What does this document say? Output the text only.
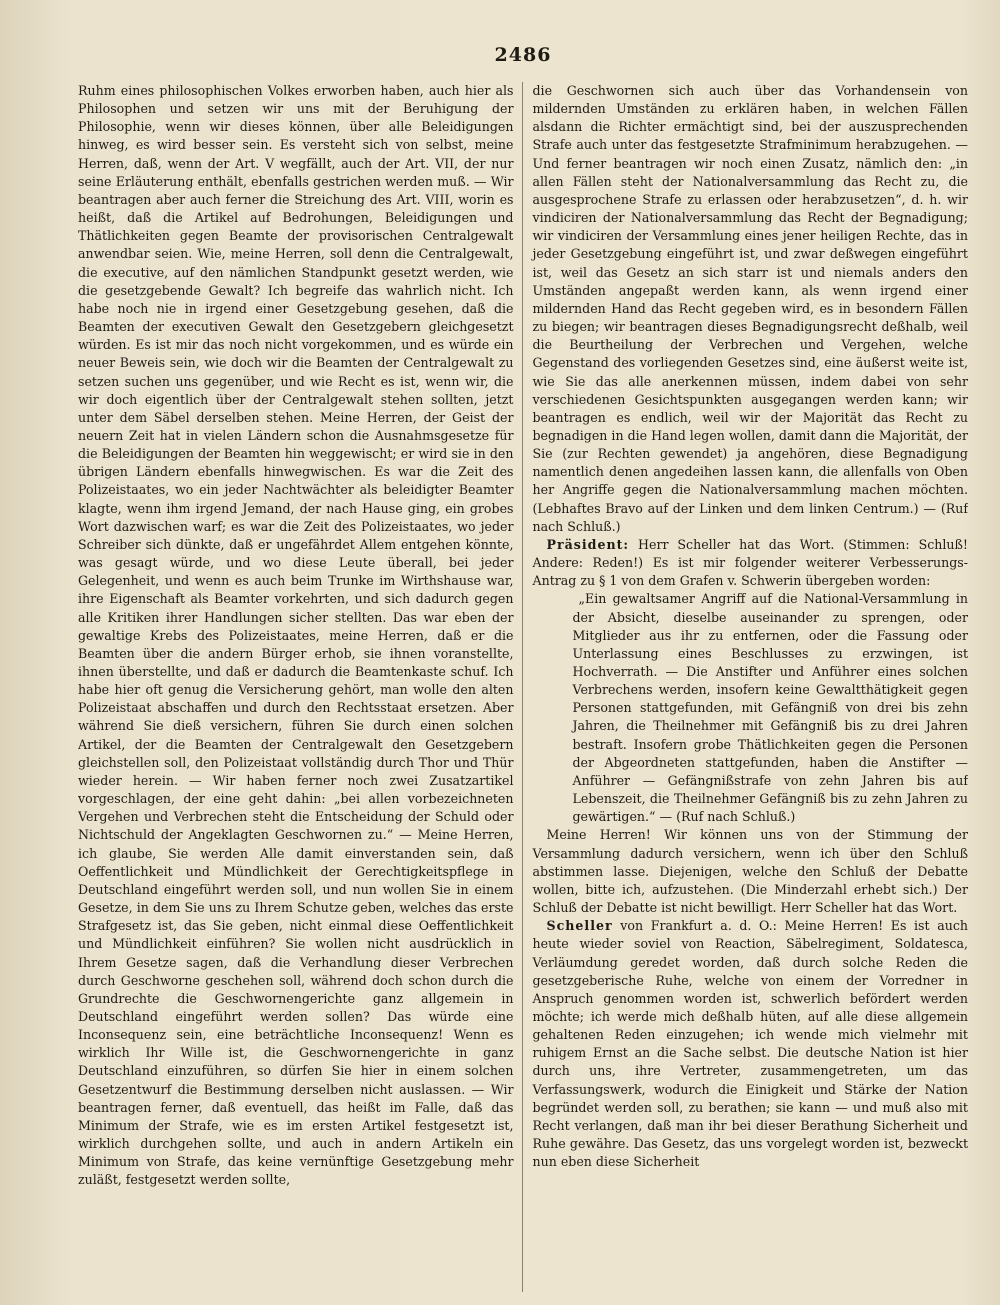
2486

Ruhm eines philosophischen Volkes erworben haben, auch hier als Philosophen und setzen wir uns mit der Beruhigung der Philosophie, wenn wir dieses können, über alle Beleidigungen hinweg, es wird besser sein. Es versteht sich von selbst, meine Herren, daß, wenn der Art. V wegfällt, auch der Art. VII, der nur seine Erläuterung enthält, ebenfalls gestrichen werden muß. — Wir beantragen aber auch ferner die Streichung des Art. VIII, worin es heißt, daß die Artikel auf Bedrohungen, Beleidigungen und Thätlichkeiten gegen Beamte der provisorischen Centralgewalt anwendbar seien. Wie, meine Herren, soll denn die Centralgewalt, die executive, auf den nämlichen Standpunkt gesetzt werden, wie die gesetzgebende Gewalt? Ich begreife das wahrlich nicht. Ich habe noch nie in irgend einer Gesetzgebung gesehen, daß die Beamten der executiven Gewalt den Gesetzgebern gleichgesetzt würden. Es ist mir das noch nicht vorgekommen, und es würde ein neuer Beweis sein, wie doch wir die Beamten der Centralgewalt zu setzen suchen uns gegenüber, und wie Recht es ist, wenn wir, die wir doch eigentlich über der Centralgewalt stehen sollten, jetzt unter dem Säbel derselben stehen. Meine Herren, der Geist der neuern Zeit hat in vielen Ländern schon die Ausnahmsgesetze für die Beleidigungen der Beamten hin weggewischt; er wird sie in den übrigen Ländern ebenfalls hinwegwischen. Es war die Zeit des Polizeistaates, wo ein jeder Nachtwächter als beleidigter Beamter klagte, wenn ihm irgend Jemand, der nach Hause ging, ein grobes Wort dazwischen warf; es war die Zeit des Polizeistaates, wo jeder Schreiber sich dünkte, daß er ungefährdet Allem entgehen könnte, was gesagt würde, und wo diese Leute überall, bei jeder Gelegenheit, und wenn es auch beim Trunke im Wirthshause war, ihre Eigenschaft als Beamter vorkehrten, und sich dadurch gegen alle Kritiken ihrer Handlungen sicher stellten. Das war eben der gewaltige Krebs des Polizeistaates, meine Herren, daß er die Beamten über die andern Bürger erhob, sie ihnen voranstellte, ihnen überstellte, und daß er dadurch die Beamtenkaste schuf. Ich habe hier oft genug die Versicherung gehört, man wolle den alten Polizeistaat abschaffen und durch den Rechtsstaat ersetzen. Aber während Sie dieß versichern, führen Sie durch einen solchen Artikel, der die Beamten der Centralgewalt den Gesetzgebern gleichstellen soll, den Polizeistaat vollständig durch Thor und Thür wieder herein. — Wir haben ferner noch zwei Zusatzartikel vorgeschlagen, der eine geht dahin: „bei allen vorbezeichneten Vergehen und Verbrechen steht die Entscheidung der Schuld oder Nichtschuld der Angeklagten Geschwornen zu.“ — Meine Herren, ich glaube, Sie werden Alle damit einverstanden sein, daß Oeffentlichkeit und Mündlichkeit der Gerechtigkeitspflege in Deutschland eingeführt werden soll, und nun wollen Sie in einem Gesetze, in dem Sie uns zu Ihrem Schutze geben, welches das erste Strafgesetz ist, das Sie geben, nicht einmal diese Oeffentlichkeit und Mündlichkeit einführen? Sie wollen nicht ausdrücklich in Ihrem Gesetze sagen, daß die Verhandlung dieser Verbrechen durch Geschworne geschehen soll, während doch schon durch die Grundrechte die Geschwornengerichte ganz allgemein in Deutschland eingeführt werden sollen? Das würde eine Inconsequenz sein, eine beträchtliche Inconsequenz! Wenn es wirklich Ihr Wille ist, die Geschwornengerichte in ganz Deutschland einzuführen, so dürfen Sie hier in einem solchen Gesetzentwurf die Bestimmung derselben nicht auslassen. — Wir beantragen ferner, daß eventuell, das heißt im Falle, daß das Minimum der Strafe, wie es im ersten Artikel festgesetzt ist, wirklich durchgehen sollte, und auch in andern Artikeln ein Minimum von Strafe, das keine vernünftige Gesetzgebung mehr zuläßt, festgesetzt werden sollte,

die Geschwornen sich auch über das Vorhandensein von mildernden Umständen zu erklären haben, in welchen Fällen alsdann die Richter ermächtigt sind, bei der auszusprechenden Strafe auch unter das festgesetzte Strafminimum herabzugehen. — Und ferner beantragen wir noch einen Zusatz, nämlich den: „in allen Fällen steht der Nationalversammlung das Recht zu, die ausgesprochene Strafe zu erlassen oder herabzusetzen“, d. h. wir vindiciren der Nationalversammlung das Recht der Begnadigung; wir vindiciren der Versammlung eines jener heiligen Rechte, das in jeder Gesetzgebung eingeführt ist, und zwar deßwegen eingeführt ist, weil das Gesetz an sich starr ist und niemals anders den Umständen angepaßt werden kann, als wenn irgend einer mildernden Hand das Recht gegeben wird, es in besondern Fällen zu biegen; wir beantragen dieses Begnadigungsrecht deßhalb, weil die Beurtheilung der Verbrechen und Vergehen, welche Gegenstand des vorliegenden Gesetzes sind, eine äußerst weite ist, wie Sie das alle anerkennen müssen, indem dabei von sehr verschiedenen Gesichtspunkten ausgegangen werden kann; wir beantragen es endlich, weil wir der Majorität das Recht zu begnadigen in die Hand legen wollen, damit dann die Majorität, der Sie (zur Rechten gewendet) ja angehören, diese Begnadigung namentlich denen angedeihen lassen kann, die allenfalls von Oben her Angriffe gegen die Nationalversammlung machen möchten. (Lebhaftes Bravo auf der Linken und dem linken Centrum.) — (Ruf nach Schluß.)

Präsident: Herr Scheller hat das Wort. (Stimmen: Schluß! Andere: Reden!) Es ist mir folgender weiterer Verbesserungs-Antrag zu § 1 von dem Grafen v. Schwerin übergeben worden:

„Ein gewaltsamer Angriff auf die National-Versammlung in der Absicht, dieselbe auseinander zu sprengen, oder Mitglieder aus ihr zu entfernen, oder die Fassung oder Unterlassung eines Beschlusses zu erzwingen, ist Hochverrath. — Die Anstifter und Anführer eines solchen Verbrechens werden, insofern keine Gewaltthätigkeit gegen Personen stattgefunden, mit Gefängniß von drei bis zehn Jahren, die Theilnehmer mit Gefängniß bis zu drei Jahren bestraft. Insofern grobe Thätlichkeiten gegen die Personen der Abgeordneten stattgefunden, haben die Anstifter — Anführer — Gefängnißstrafe von zehn Jahren bis auf Lebenszeit, die Theilnehmer Gefängniß bis zu zehn Jahren zu gewärtigen.“ — (Ruf nach Schluß.)

Meine Herren! Wir können uns von der Stimmung der Versammlung dadurch versichern, wenn ich über den Schluß abstimmen lasse. Diejenigen, welche den Schluß der Debatte wollen, bitte ich, aufzustehen. (Die Minderzahl erhebt sich.) Der Schluß der Debatte ist nicht bewilligt. Herr Scheller hat das Wort.

Scheller von Frankfurt a. d. O.: Meine Herren! Es ist auch heute wieder soviel von Reaction, Säbelregiment, Soldatesca, Verläumdung geredet worden, daß durch solche Reden die gesetzgeberische Ruhe, welche von einem der Vorredner in Anspruch genommen worden ist, schwerlich befördert werden möchte; ich werde mich deßhalb hüten, auf alle diese allgemein gehaltenen Reden einzugehen; ich wende mich vielmehr mit ruhigem Ernst an die Sache selbst. Die deutsche Nation ist hier durch uns, ihre Vertreter, zusammengetreten, um das Verfassungswerk, wodurch die Einigkeit und Stärke der Nation begründet werden soll, zu berathen; sie kann — und muß also mit Recht verlangen, daß man ihr bei dieser Berathung Sicherheit und Ruhe gewähre. Das Gesetz, das uns vorgelegt worden ist, bezweckt nun eben diese Sicherheit
